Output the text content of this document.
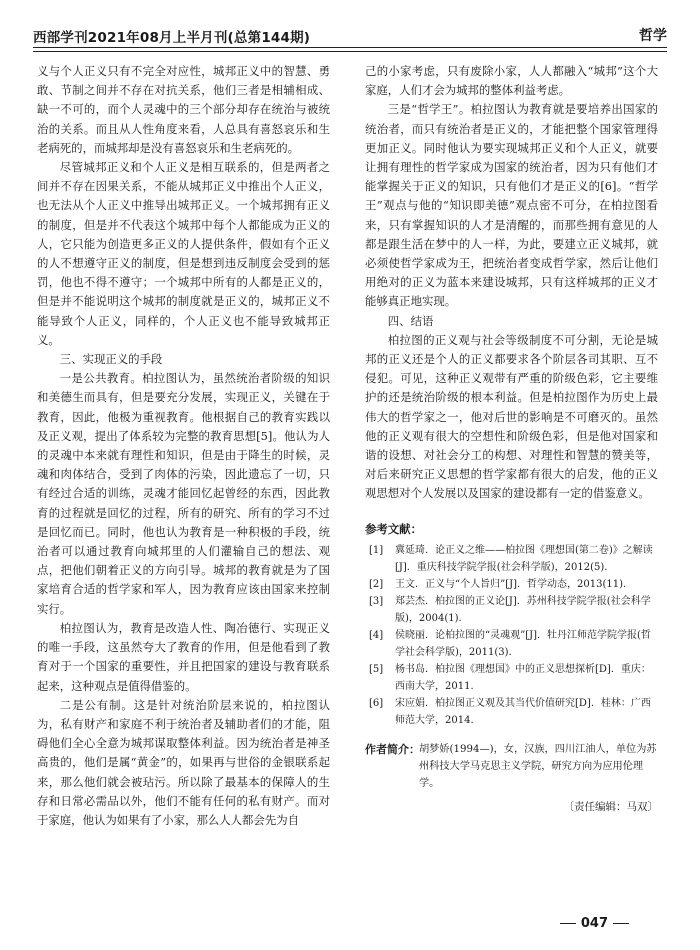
西部学刊2021年08月上半月刊(总第144期)	哲学

义与个人正义只有不完全对应性，城邦正义中的智慧、勇敢、节制之间并不存在对抗关系，他们三者是相辅相成、缺一不可的，而个人灵魂中的三个部分却存在统治与被统治的关系。而且从人性角度来看，人总具有喜怒哀乐和生老病死的，而城邦却是没有喜怒哀乐和生老病死的。

尽管城邦正义和个人正义是相互联系的，但是两者之间并不存在因果关系，不能从城邦正义中推出个人正义，也无法从个人正义中推导出城邦正义。一个城邦拥有正义的制度，但是并不代表这个城邦中每个人都能成为正义的人，它只能为创造更多正义的人提供条件，假如有个正义的人不想遵守正义的制度，但是想到违反制度会受到的惩罚，他也不得不遵守；一个城邦中所有的人都是正义的，但是并不能说明这个城邦的制度就是正义的，城邦正义不能导致个人正义，同样的，个人正义也不能导致城邦正义。

三、实现正义的手段

一是公共教育。柏拉图认为，虽然统治者阶级的知识和美德生而具有，但是要充分发展，实现正义，关键在于教育，因此，他极为重视教育。他根据自己的教育实践以及正义观，提出了体系较为完整的教育思想[5]。他认为人的灵魂中本来就有理性和知识，但是由于降生的时候，灵魂和肉体结合，受到了肉体的污染，因此遗忘了一切，只有经过合适的训练，灵魂才能回忆起曾经的东西，因此教育的过程就是回忆的过程，所有的研究、所有的学习不过是回忆而已。同时，他也认为教育是一种积极的手段，统治者可以通过教育向城邦里的人们灌输自己的想法、观点，把他们朝着正义的方向引导。城邦的教育就是为了国家培育合适的哲学家和军人，因为教育应该由国家来控制实行。

柏拉图认为，教育是改造人性、陶冶德行、实现正义的唯一手段，这虽然夸大了教育的作用，但是他看到了教育对于一个国家的重要性，并且把国家的建设与教育联系起来，这种观点是值得借鉴的。

二是公有制。这是针对统治阶层来说的，柏拉图认为，私有财产和家庭不利于统治者及辅助者们的才能，阻碍他们全心全意为城邦谋取整体利益。因为统治者是神圣高贵的，他们是属“黄金”的，如果再与世俗的金银联系起来，那么他们就会被玷污。所以除了最基本的保障人的生存和日常必需品以外，他们不能有任何的私有财产。而对于家庭，他认为如果有了小家，那么人人都会先为自

己的小家考虑，只有废除小家，人人都融入“城邦”这个大家庭，人们才会为城邦的整体利益考虑。

三是“哲学王”。柏拉图认为教育就是要培养出国家的统治者，而只有统治者是正义的，才能把整个国家管理得更加正义。同时他认为要实现城邦正义和个人正义，就要让拥有理性的哲学家成为国家的统治者，因为只有他们才能掌握关于正义的知识，只有他们才是正义的[6]。“哲学王”观点与他的“知识即美德”观点密不可分，在柏拉图看来，只有掌握知识的人才是清醒的，而那些拥有意见的人都是跟生活在梦中的人一样，为此，要建立正义城邦，就必须使哲学家成为王，把统治者变成哲学家，然后让他们用绝对的正义为蓝本来建设城邦，只有这样城邦的正义才能够真正地实现。

四、结语

柏拉图的正义观与社会等级制度不可分割，无论是城邦的正义还是个人的正义都要求各个阶层各司其职、互不侵犯。可见，这种正义观带有严重的阶级色彩，它主要维护的还是统治阶级的根本利益。但是柏拉图作为历史上最伟大的哲学家之一，他对后世的影响是不可磨灭的。虽然他的正义观有很大的空想性和阶级色彩，但是他对国家和谐的设想、对社会分工的构想、对理性和智慧的赞美等，对后来研究正义思想的哲学家都有很大的启发，他的正义观思想对个人发展以及国家的建设都有一定的借鉴意义。

参考文献：
[1] 冀延琦．论正义之维——柏拉图《理想国(第二卷)》之解读[J]．重庆科技学院学报(社会科学版)，2012(5).
[2] 王文．正义与“个人旨归”[J]．哲学动态，2013(11).
[3] 郑芸杰．柏拉图的正义论[J]．苏州科技学院学报(社会科学版)，2004(1).
[4] 侯晓丽．论柏拉图的“灵魂观”[J]．牡丹江师范学院学报(哲学社会科学版)，2011(3).
[5] 杨书岛．柏拉图《理想国》中的正义思想探析[D]．重庆：西南大学，2011.
[6] 宋应娟．柏拉图正义观及其当代价值研究[D]．桂林：广西师范大学，2014.
作者简介： 胡梦娇(1994—)，女，汉族，四川江油人，单位为苏州科技大学马克思主义学院，研究方向为应用伦理学。
〔责任编辑：马双〕
047
